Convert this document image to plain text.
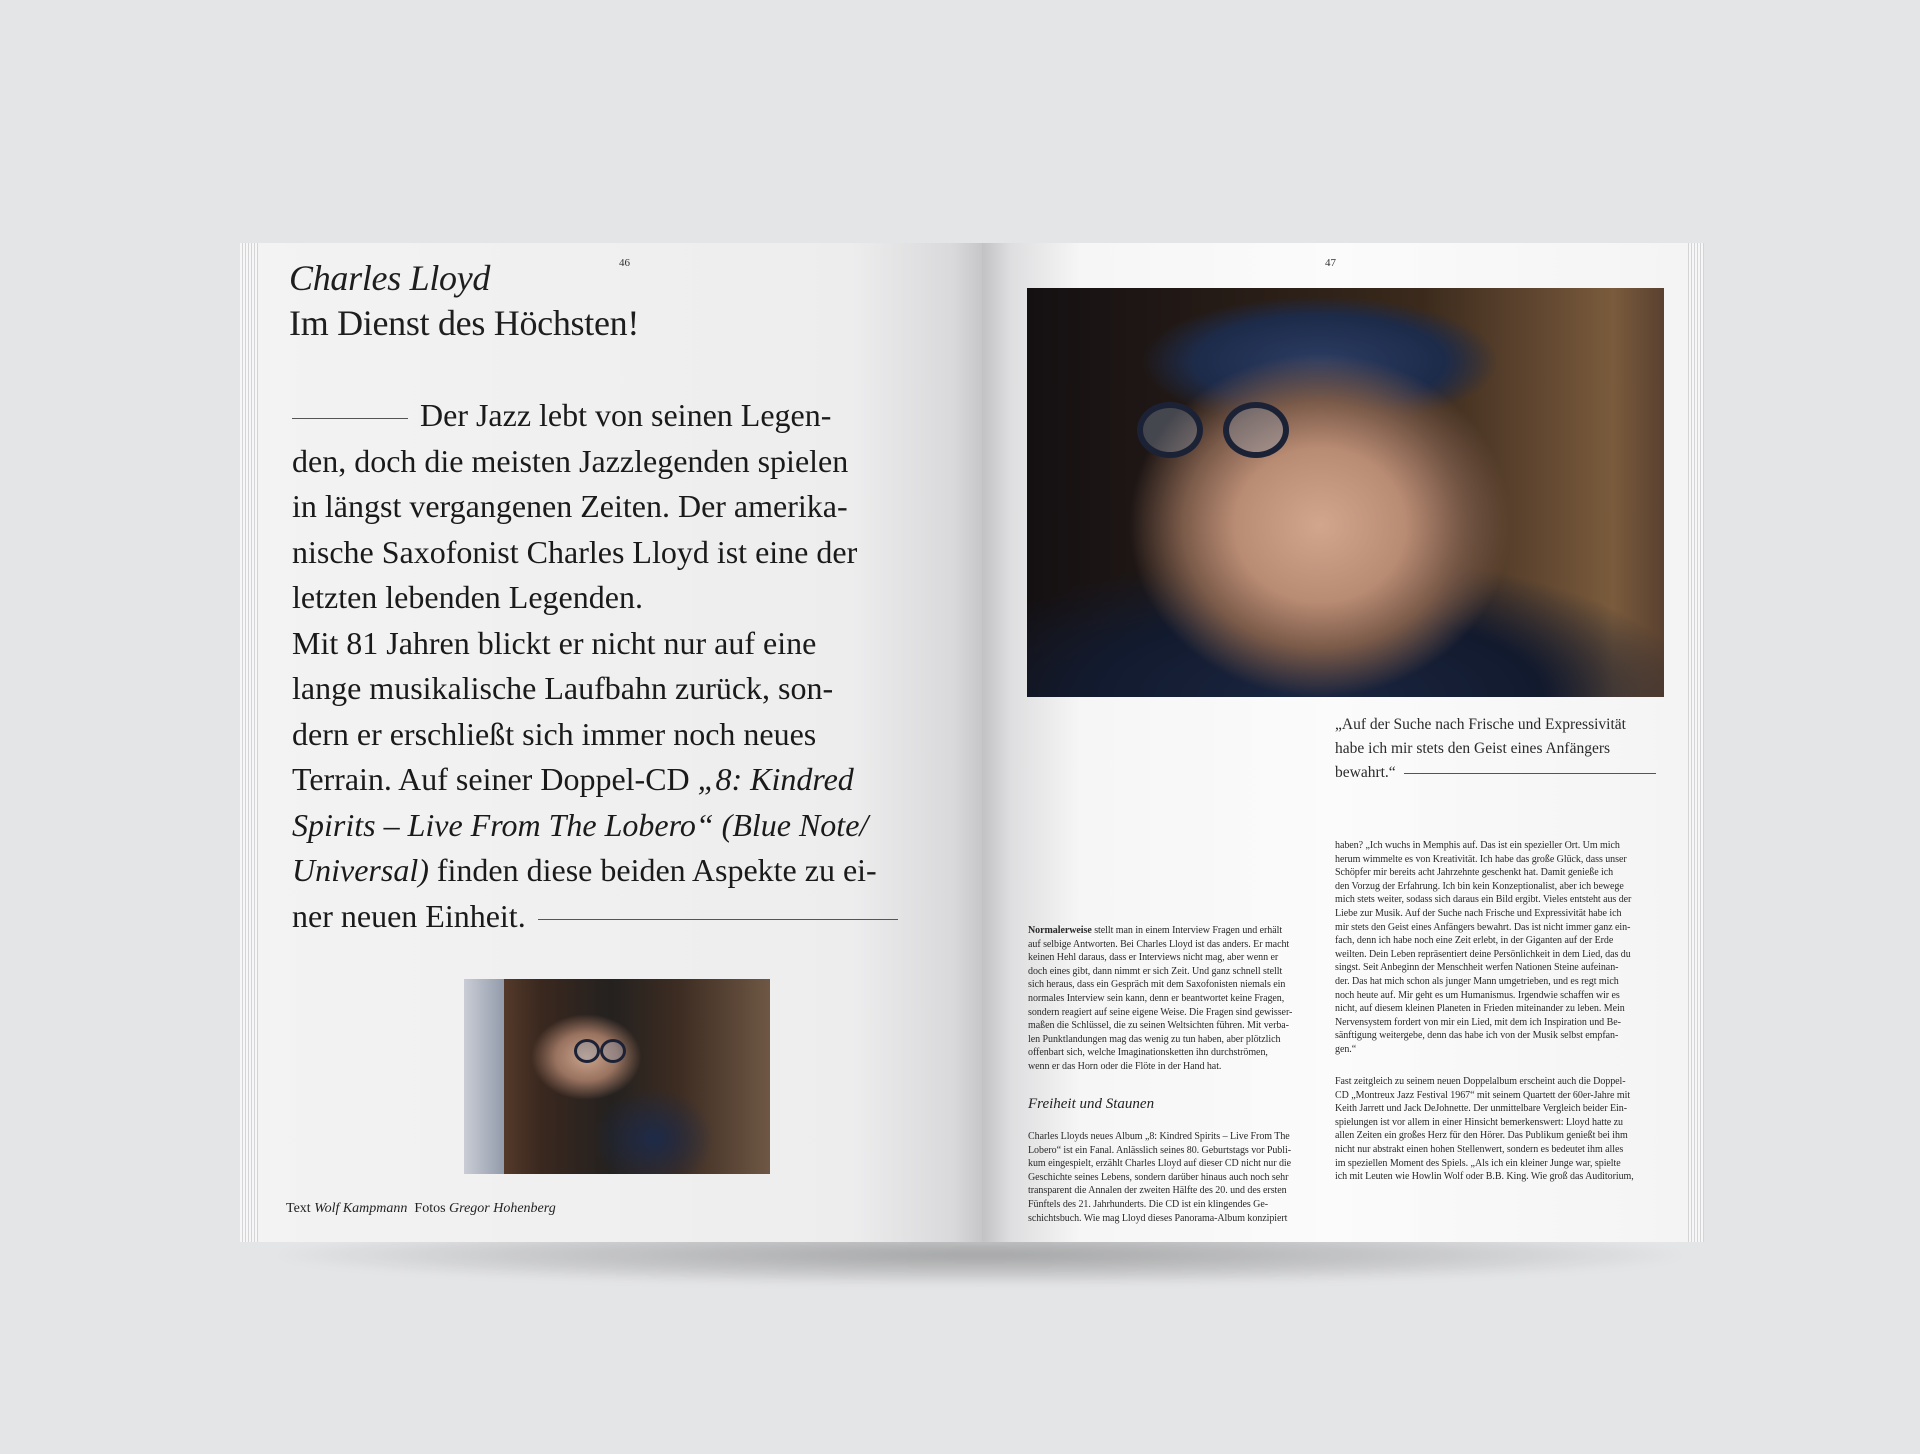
46
Charles Lloyd
Im Dienst des Höchsten!
Der Jazz lebt von seinen Legen-
den, doch die meisten Jazzlegenden spielen
in längst vergangenen Zeiten. Der amerika-
nische Saxofonist Charles Lloyd ist eine der
letzten lebenden Legenden.
Mit 81 Jahren blickt er nicht nur auf eine
lange musikalische Laufbahn zurück, son-
dern er erschließt sich immer noch neues
Terrain. Auf seiner Doppel-CD „8: Kindred
Spirits – Live From The Lobero“ (Blue Note/
Universal) finden diese beiden Aspekte zu ei-
ner neuen Einheit.
Text Wolf Kampmann Fotos Gregor Hohenberg
47
„Auf der Suche nach Frische und Expressivität
habe ich mir stets den Geist eines Anfängers
bewahrt.“
Normalerweise stellt man in einem Interview Fragen und erhält
auf selbige Antworten. Bei Charles Lloyd ist das anders. Er macht
keinen Hehl daraus, dass er Interviews nicht mag, aber wenn er
doch eines gibt, dann nimmt er sich Zeit. Und ganz schnell stellt
sich heraus, dass ein Gespräch mit dem Saxofonisten niemals ein
normales Interview sein kann, denn er beantwortet keine Fragen,
sondern reagiert auf seine eigene Weise. Die Fragen sind gewisser-
maßen die Schlüssel, die zu seinen Weltsichten führen. Mit verba-
len Punktlandungen mag das wenig zu tun haben, aber plötzlich
offenbart sich, welche Imaginationsketten ihn durchströmen,
wenn er das Horn oder die Flöte in der Hand hat.
Freiheit und Staunen
Charles Lloyds neues Album „8: Kindred Spirits – Live From The
Lobero“ ist ein Fanal. Anlässlich seines 80. Geburtstags vor Publi-
kum eingespielt, erzählt Charles Lloyd auf dieser CD nicht nur die
Geschichte seines Lebens, sondern darüber hinaus auch noch sehr
transparent die Annalen der zweiten Hälfte des 20. und des ersten
Fünftels des 21. Jahrhunderts. Die CD ist ein klingendes Ge-
schichtsbuch. Wie mag Lloyd dieses Panorama-Album konzipiert
haben? „Ich wuchs in Memphis auf. Das ist ein spezieller Ort. Um mich
herum wimmelte es von Kreativität. Ich habe das große Glück, dass unser
Schöpfer mir bereits acht Jahrzehnte geschenkt hat. Damit genieße ich
den Vorzug der Erfahrung. Ich bin kein Konzeptionalist, aber ich bewege
mich stets weiter, sodass sich daraus ein Bild ergibt. Vieles entsteht aus der
Liebe zur Musik. Auf der Suche nach Frische und Expressivität habe ich
mir stets den Geist eines Anfängers bewahrt. Das ist nicht immer ganz ein-
fach, denn ich habe noch eine Zeit erlebt, in der Giganten auf der Erde
weilten. Dein Leben repräsentiert deine Persönlichkeit in dem Lied, das du
singst. Seit Anbeginn der Menschheit werfen Nationen Steine aufeinan-
der. Das hat mich schon als junger Mann umgetrieben, und es regt mich
noch heute auf. Mir geht es um Humanismus. Irgendwie schaffen wir es
nicht, auf diesem kleinen Planeten in Frieden miteinander zu leben. Mein
Nervensystem fordert von mir ein Lied, mit dem ich Inspiration und Be-
sänftigung weitergebe, denn das habe ich von der Musik selbst empfan-
gen.“
Fast zeitgleich zu seinem neuen Doppelalbum erscheint auch die Doppel-
CD „Montreux Jazz Festival 1967“ mit seinem Quartett der 60er-Jahre mit
Keith Jarrett und Jack DeJohnette. Der unmittelbare Vergleich beider Ein-
spielungen ist vor allem in einer Hinsicht bemerkenswert: Lloyd hatte zu
allen Zeiten ein großes Herz für den Hörer. Das Publikum genießt bei ihm
nicht nur abstrakt einen hohen Stellenwert, sondern es bedeutet ihm alles
im speziellen Moment des Spiels. „Als ich ein kleiner Junge war, spielte
ich mit Leuten wie Howlin Wolf oder B.B. King. Wie groß das Auditorium,
